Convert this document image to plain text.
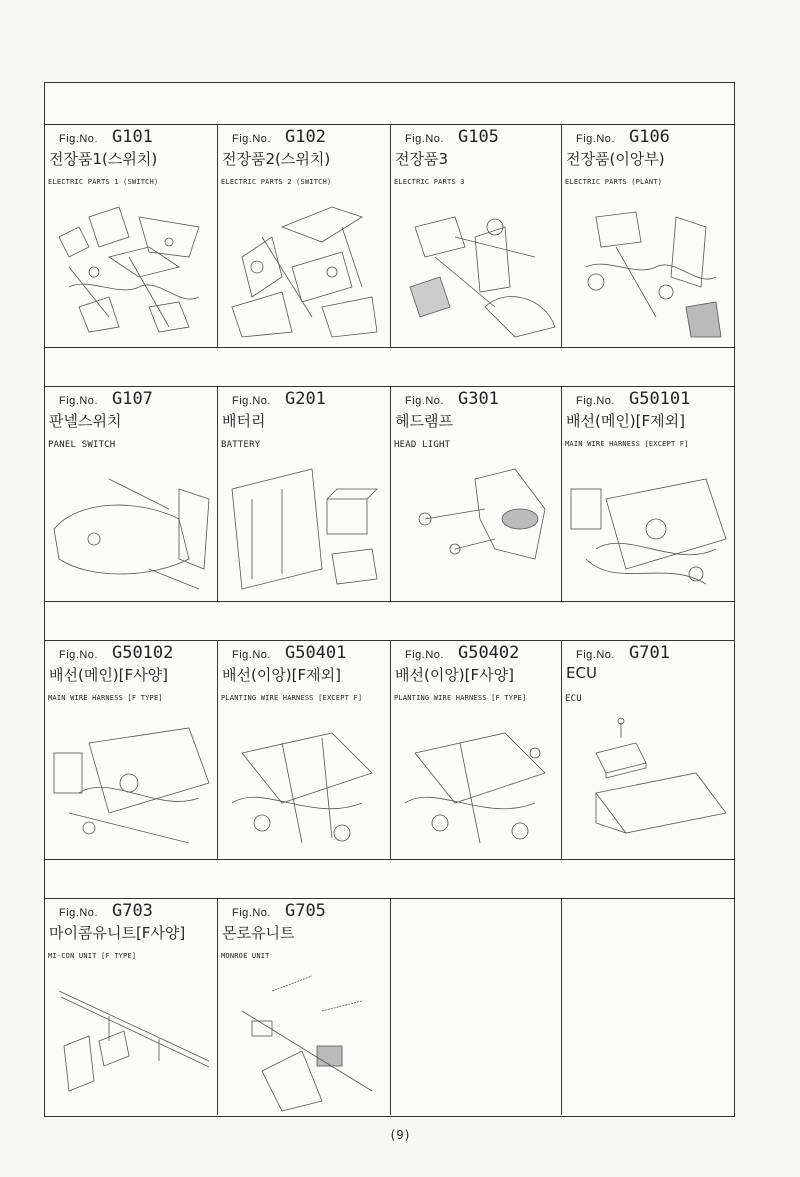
Fig.No. G101
전장품1(스위치)
ELECTRIC PARTS 1 (SWITCH)
Fig.No. G102
전장품2(스위치)
ELECTRIC PARTS 2 (SWITCH)
Fig.No. G105
전장품3
ELECTRIC PARTS 3
Fig.No. G106
전장품(이앙부)
ELECTRIC PARTS (PLANT)
Fig.No. G107
판넬스위치
PANEL SWITCH
Fig.No. G201
배터리
BATTERY
Fig.No. G301
헤드램프
HEAD LIGHT
Fig.No. G50101
배선(메인)[F제외]
MAIN WIRE HARNESS [EXCEPT F]
Fig.No. G50102
배선(메인)[F사양]
MAIN WIRE HARNESS [F TYPE]
Fig.No. G50401
배선(이앙)[F제외]
PLANTING WIRE HARNESS [EXCEPT F]
Fig.No. G50402
배선(이앙)[F사양]
PLANTING WIRE HARNESS [F TYPE]
Fig.No. G701
ECU
ECU
Fig.No. G703
마이콤유니트[F사양]
MI-CON UNIT [F TYPE]
Fig.No. G705
몬로유니트
MONROE UNIT
(9)
